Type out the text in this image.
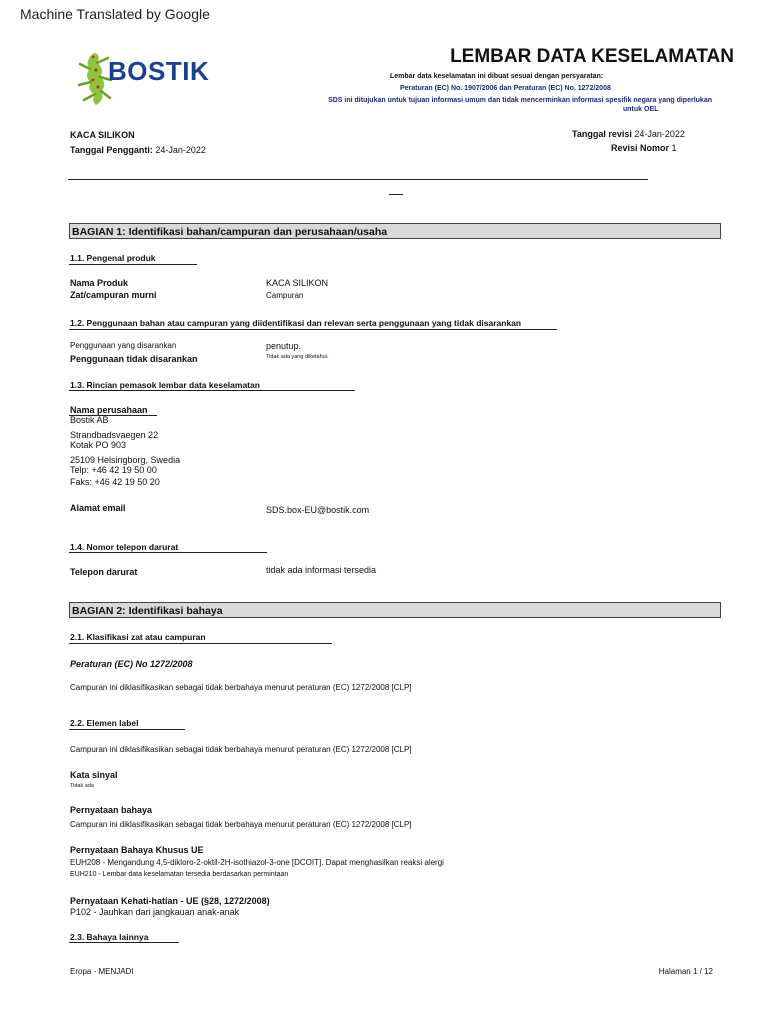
Machine Translated by Google
BOSTIK	LEMBAR DATA KESELAMATAN
Lembar data keselamatan ini dibuat sesuai dengan persyaratan:
Peraturan (EC) No. 1907/2006 dan Peraturan (EC) No. 1272/2008
SDS ini ditujukan untuk tujuan informasi umum dan tidak mencerminkan informasi spesifik negara yang diperlukan
untuk OEL
KACA SILIKON
Tanggal Pengganti: 24-Jan-2022
Tanggal revisi 24-Jan-2022
Revisi Nomor 1
BAGIAN 1: Identifikasi bahan/campuran dan perusahaan/usaha
1.1. Pengenal produk
Nama Produk	KACA SILIKON
Zat/campuran murni	Campuran
1.2. Penggunaan bahan atau campuran yang diidentifikasi dan relevan serta penggunaan yang tidak disarankan
Penggunaan yang disarankan	penutup.
Penggunaan tidak disarankan	Tidak ada yang diketahui.
1.3. Rincian pemasok lembar data keselamatan
Nama perusahaan
Bostik AB
Strandbadsvaegen 22
Kotak PO 903
25109 Helsingborg, Swedia
Telp: +46 42 19 50 00
Faks: +46 42 19 50 20
Alamat email	SDS.box-EU@bostik.com
1.4. Nomor telepon darurat
Telepon darurat	tidak ada informasi tersedia
BAGIAN 2: Identifikasi bahaya
2.1. Klasifikasi zat atau campuran
Peraturan (EC) No 1272/2008
Campuran ini diklasifikasikan sebagai tidak berbahaya menurut peraturan (EC) 1272/2008 [CLP]
2.2. Elemen label
Campuran ini diklasifikasikan sebagai tidak berbahaya menurut peraturan (EC) 1272/2008 [CLP]
Kata sinyal
Tidak ada
Pernyataan bahaya
Campuran ini diklasifikasikan sebagai tidak berbahaya menurut peraturan (EC) 1272/2008 [CLP]
Pernyataan Bahaya Khusus UE
EUH208 - Mengandung 4,5-dikloro-2-oktil-2H-isothiazol-3-one [DCOIT]. Dapat menghasilkan reaksi alergi
EUH210 - Lembar data keselamatan tersedia berdasarkan permintaan
Pernyataan Kehati-hatian - UE (§28, 1272/2008)
P102 - Jauhkan dari jangkauan anak-anak
2.3. Bahaya lainnya
Eropa - MENJADI	Halaman 1 / 12
